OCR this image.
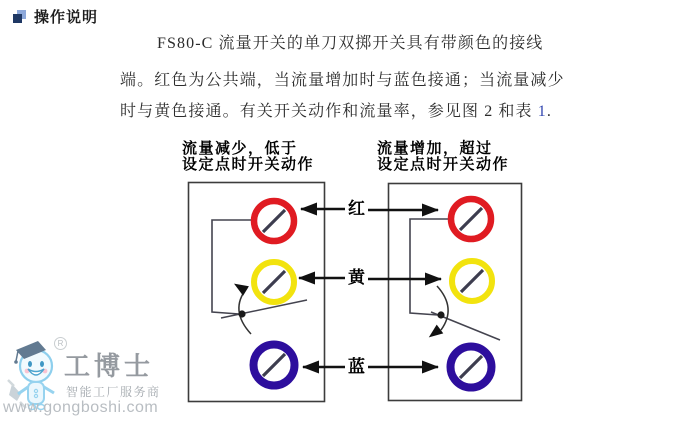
操作说明
FS80-C 流量开关的单刀双掷开关具有带颜色的接线
端。红色为公共端，当流量增加时与蓝色接通；当流量减少
时与黄色接通。有关开关动作和流量率，参见图 2 和表 1.
流量减少，低于
设定点时开关动作
流量增加，超过
设定点时开关动作
红
黄
蓝
R
工博士
智能工厂服务商
www.gongboshi.com
